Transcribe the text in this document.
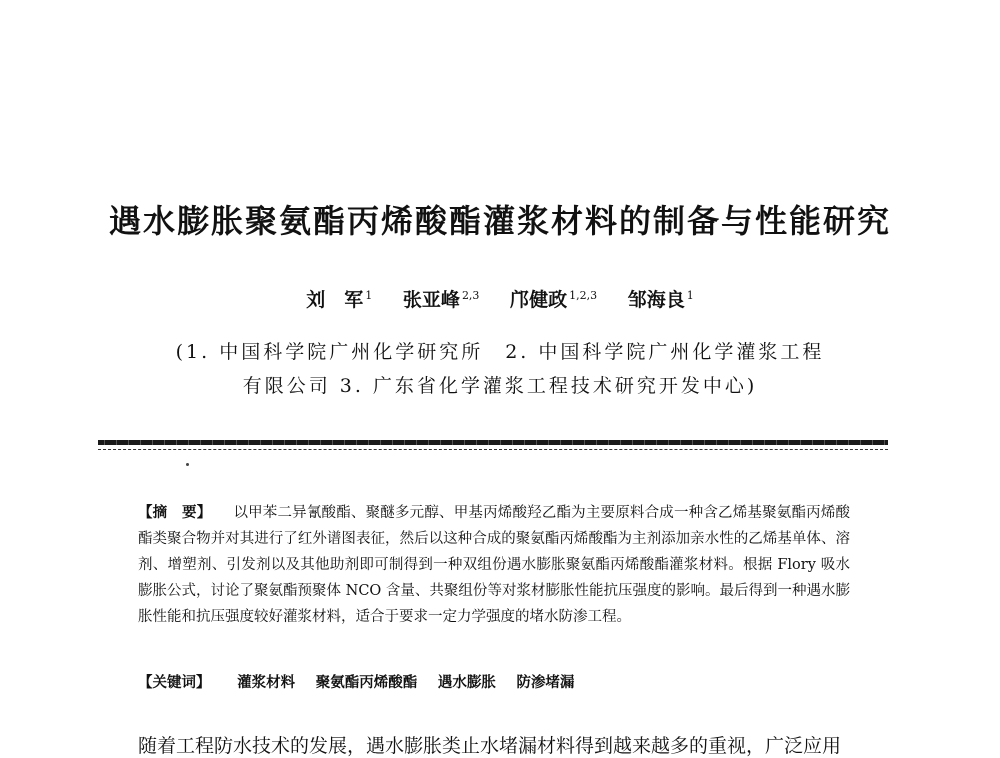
遇水膨胀聚氨酯丙烯酸酯灌浆材料的制备与性能研究
刘　军 $^1$ 张亚峰 $^{2,3}$ 邝健政 $^{1,2,3}$ 邹海良 $^1$
(1. 中国科学院广州化学研究所　2. 中国科学院广州化学灌浆工程
有限公司 3. 广东省化学灌浆工程技术研究开发中心)
【摘　要】 以甲苯二异氰酸酯、聚醚多元醇、甲基丙烯酸羟乙酯为主要原料合成一种含乙烯基聚氨酯丙烯酸酯类聚合物并对其进行了红外谱图表征，然后以这种合成的聚氨酯丙烯酸酯为主剂添加亲水性的乙烯基单体、溶剂、增塑剂、引发剂以及其他助剂即可制得到一种双组份遇水膨胀聚氨酯丙烯酸酯灌浆材料。根据 Flory 吸水膨胀公式，讨论了聚氨酯预聚体 NCO 含量、共聚组份等对浆材膨胀性能抗压强度的影响。最后得到一种遇水膨胀性能和抗压强度较好灌浆材料，适合于要求一定力学强度的堵水防渗工程。
【关键词】 灌浆材料 聚氨酯丙烯酸酯 遇水膨胀 防渗堵漏
随着工程防水技术的发展，遇水膨胀类止水堵漏材料得到越来越多的重视，广泛应用
